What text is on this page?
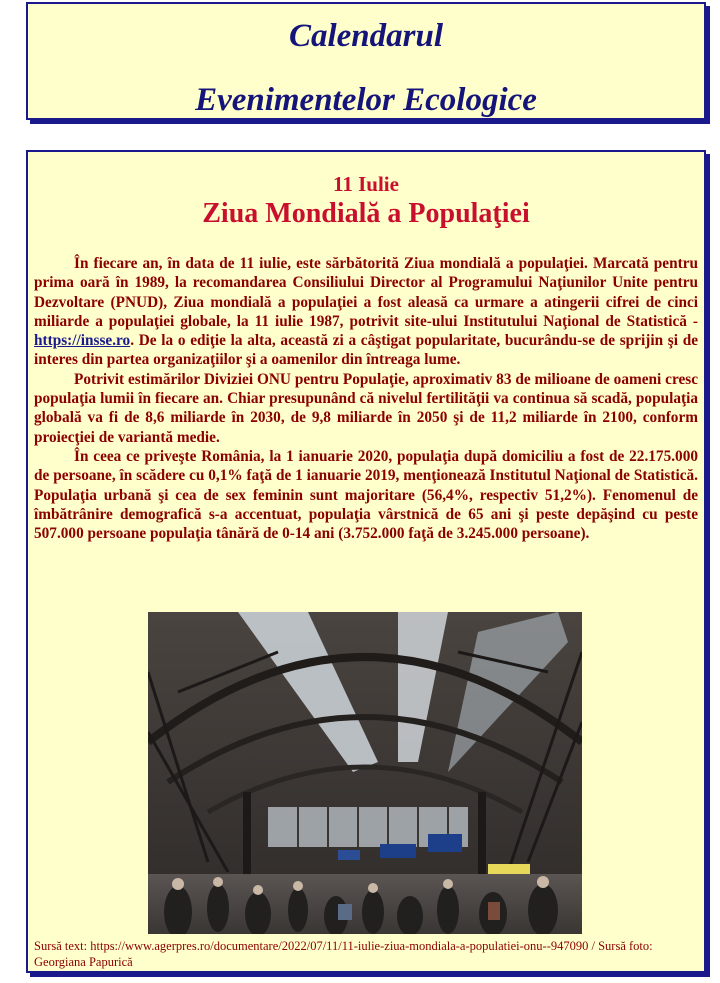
Calendarul
Evenimentelor Ecologice
11 Iulie
Ziua Mondială a Populaţiei

În fiecare an, în data de 11 iulie, este sărbătorită Ziua mondială a populaţiei. Marcată pentru prima oară în 1989, la recomandarea Consiliului Director al Programului Naţiunilor Unite pentru Dezvoltare (PNUD), Ziua mondială a populaţiei a fost aleasă ca urmare a atingerii cifrei de cinci miliarde a populaţiei globale, la 11 iulie 1987, potrivit site-ului Institutului Naţional de Statistică - https://insse.ro. De la o ediţie la alta, această zi a câştigat popularitate, bucurându-se de sprijin şi de interes din partea organizaţiilor şi a oamenilor din întreaga lume.

Potrivit estimărilor Diviziei ONU pentru Populaţie, aproximativ 83 de milioane de oameni cresc populaţia lumii în fiecare an. Chiar presupunând că nivelul fertilităţii va continua să scadă, populaţia globală va fi de 8,6 miliarde în 2030, de 9,8 miliarde în 2050 şi de 11,2 miliarde în 2100, conform proiecţiei de variantă medie.

În ceea ce priveşte România, la 1 ianuarie 2020, populaţia după domiciliu a fost de 22.175.000 de persoane, în scădere cu 0,1% faţă de 1 ianuarie 2019, menţionează Institutul Naţional de Statistică. Populaţia urbană şi cea de sex feminin sunt majoritare (56,4%, respectiv 51,2%). Fenomenul de îmbătrânire demografică s-a accentuat, populaţia vârstnică de 65 ani şi peste depăşind cu peste 507.000 persoane populaţia tânără de 0-14 ani (3.752.000 faţă de 3.245.000 persoane).

Sursă text: https://www.agerpres.ro/documentare/2022/07/11/11-iulie-ziua-mondiala-a-populatiei-onu--947090 / Sursă foto: Georgiana Papurică
